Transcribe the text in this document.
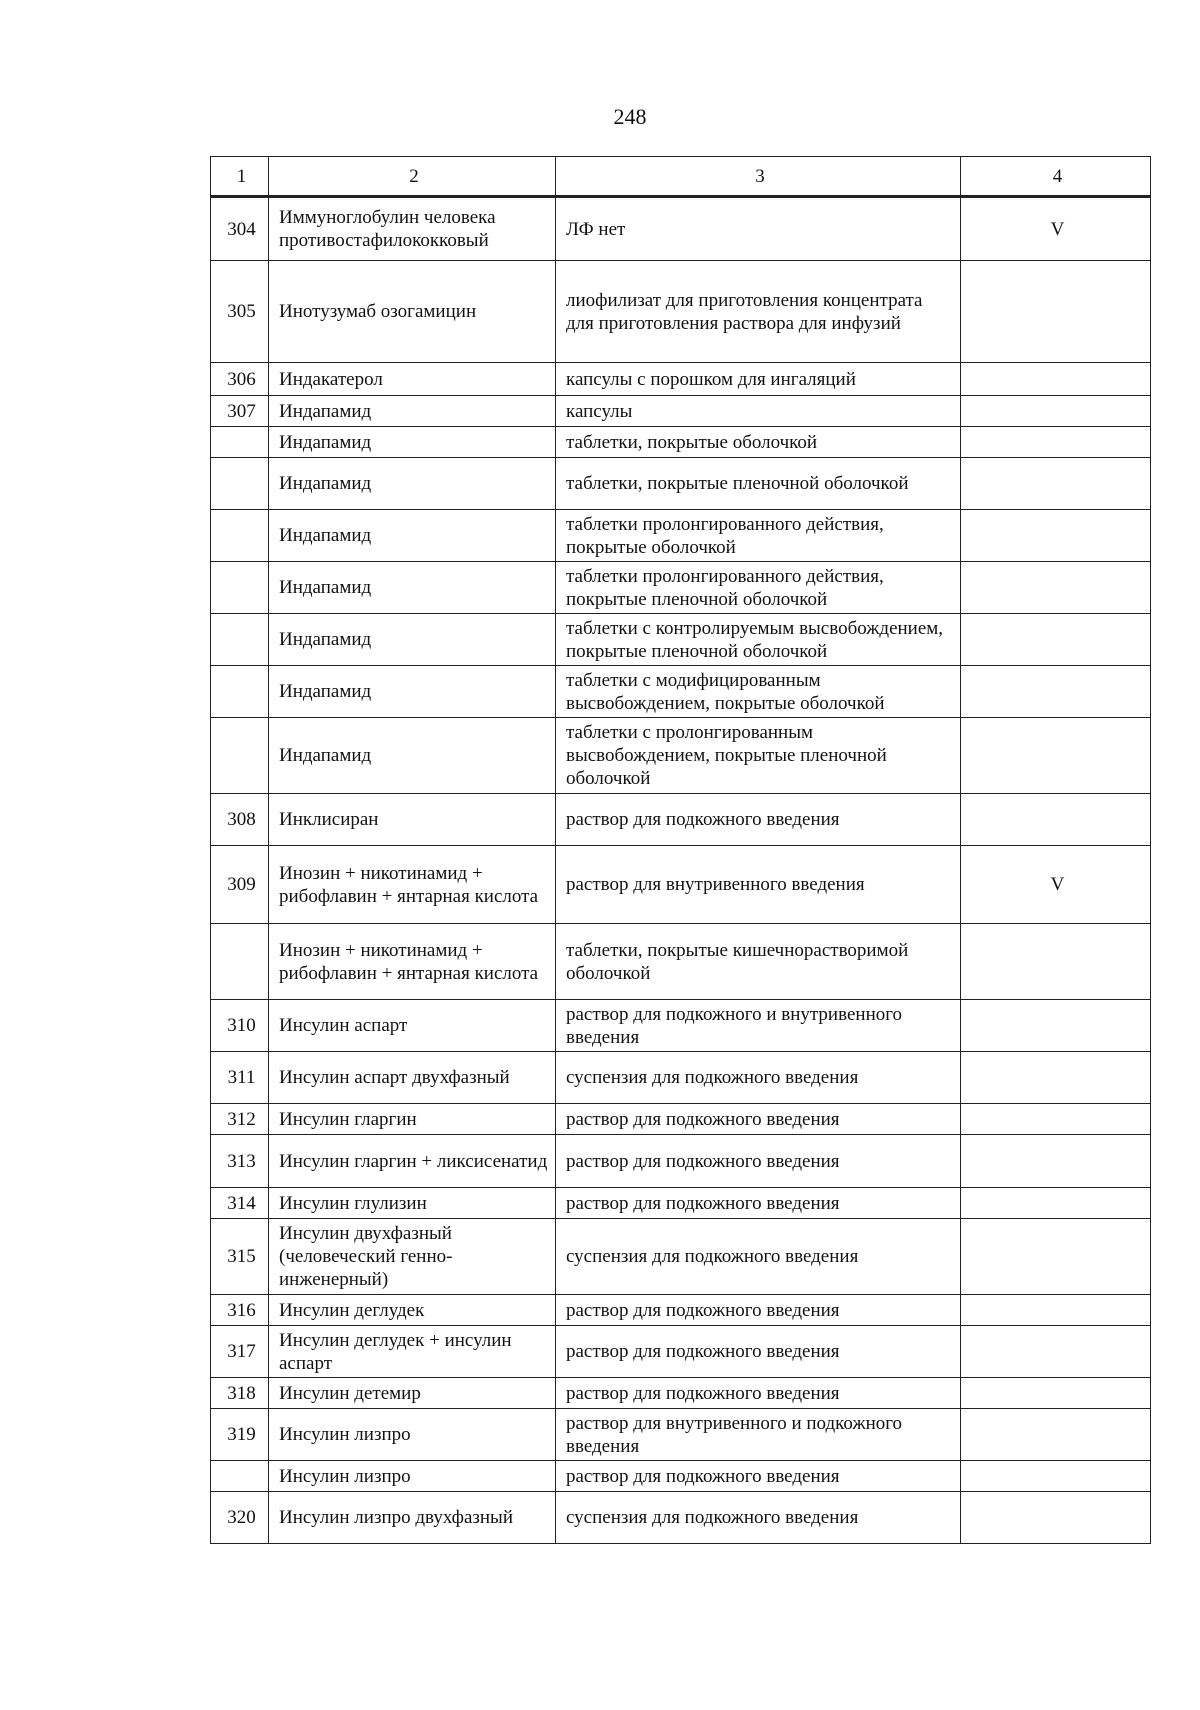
248
1	2	3	4
304	Иммуноглобулин человека противостафилококковый	ЛФ нет	V
305	Инотузумаб озогамицин	лиофилизат для приготовления концентрата для приготовления раствора для инфузий	
306	Индакатерол	капсулы с порошком для ингаляций	
307	Индапамид	капсулы	
	Индапамид	таблетки, покрытые оболочкой	
	Индапамид	таблетки, покрытые пленочной оболочкой	
	Индапамид	таблетки пролонгированного действия, покрытые оболочкой	
	Индапамид	таблетки пролонгированного действия, покрытые пленочной оболочкой	
	Индапамид	таблетки с контролируемым высвобождением, покрытые пленочной оболочкой	
	Индапамид	таблетки с модифицированным высвобождением, покрытые оболочкой	
	Индапамид	таблетки с пролонгированным высвобождением, покрытые пленочной оболочкой	
308	Инклисиран	раствор для подкожного введения	
309	Инозин + никотинамид + рибофлавин + янтарная кислота	раствор для внутривенного введения	V
	Инозин + никотинамид + рибофлавин + янтарная кислота	таблетки, покрытые кишечнорастворимой оболочкой	
310	Инсулин аспарт	раствор для подкожного и внутривенного введения	
311	Инсулин аспарт двухфазный	суспензия для подкожного введения	
312	Инсулин гларгин	раствор для подкожного введения	
313	Инсулин гларгин + ликсисенатид	раствор для подкожного введения	
314	Инсулин глулизин	раствор для подкожного введения	
315	Инсулин двухфазный (человеческий генно-инженерный)	суспензия для подкожного введения	
316	Инсулин деглудек	раствор для подкожного введения	
317	Инсулин деглудек + инсулин аспарт	раствор для подкожного введения	
318	Инсулин детемир	раствор для подкожного введения	
319	Инсулин лизпро	раствор для внутривенного и подкожного введения	
	Инсулин лизпро	раствор для подкожного введения	
320	Инсулин лизпро двухфазный	суспензия для подкожного введения	
